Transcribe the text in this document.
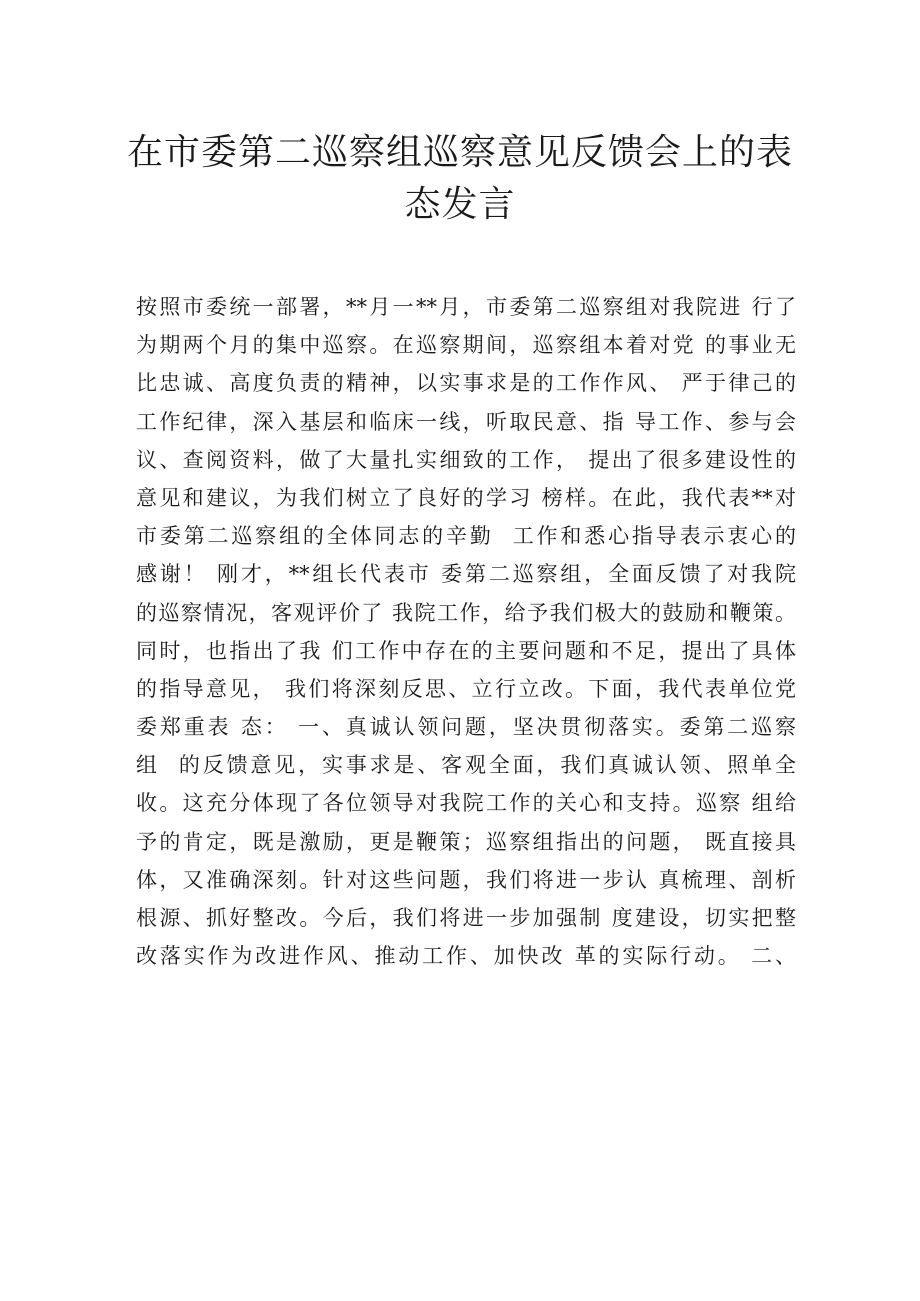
在市委第二巡察组巡察意见反馈会上的表
态发言
按照市委统一部署，**月一**月，市委第二巡察组对我院进 行了
为期两个月的集中巡察。在巡察期间，巡察组本着对党 的事业无
比忠诚、高度负责的精神，以实事求是的工作作风、 严于律己的
工作纪律，深入基层和临床一线，听取民意、指 导工作、参与会
议、查阅资料，做了大量扎实细致的工作， 提出了很多建设性的
意见和建议，为我们树立了良好的学习 榜样。在此，我代表**对
市委第二巡察组的全体同志的辛勤  工作和悉心指导表示衷心的
感谢！ 刚才，**组长代表市 委第二巡察组，全面反馈了对我院
的巡察情况，客观评价了 我院工作，给予我们极大的鼓励和鞭策。
同时，也指出了我 们工作中存在的主要问题和不足，提出了具体
的指导意见， 我们将深刻反思、立行立改。下面，我代表单位党
委郑重表 态： 一、真诚认领问题，坚决贯彻落实。委第二巡察
组  的反馈意见，实事求是、客观全面，我们真诚认领、照单全
收。这充分体现了各位领导对我院工作的关心和支持。巡察 组给
予的肯定，既是激励，更是鞭策；巡察组指出的问题， 既直接具
体，又准确深刻。针对这些问题，我们将进一步认 真梳理、剖析
根源、抓好整改。今后，我们将进一步加强制 度建设，切实把整
改落实作为改进作风、推动工作、加快改 革的实际行动。 二、
